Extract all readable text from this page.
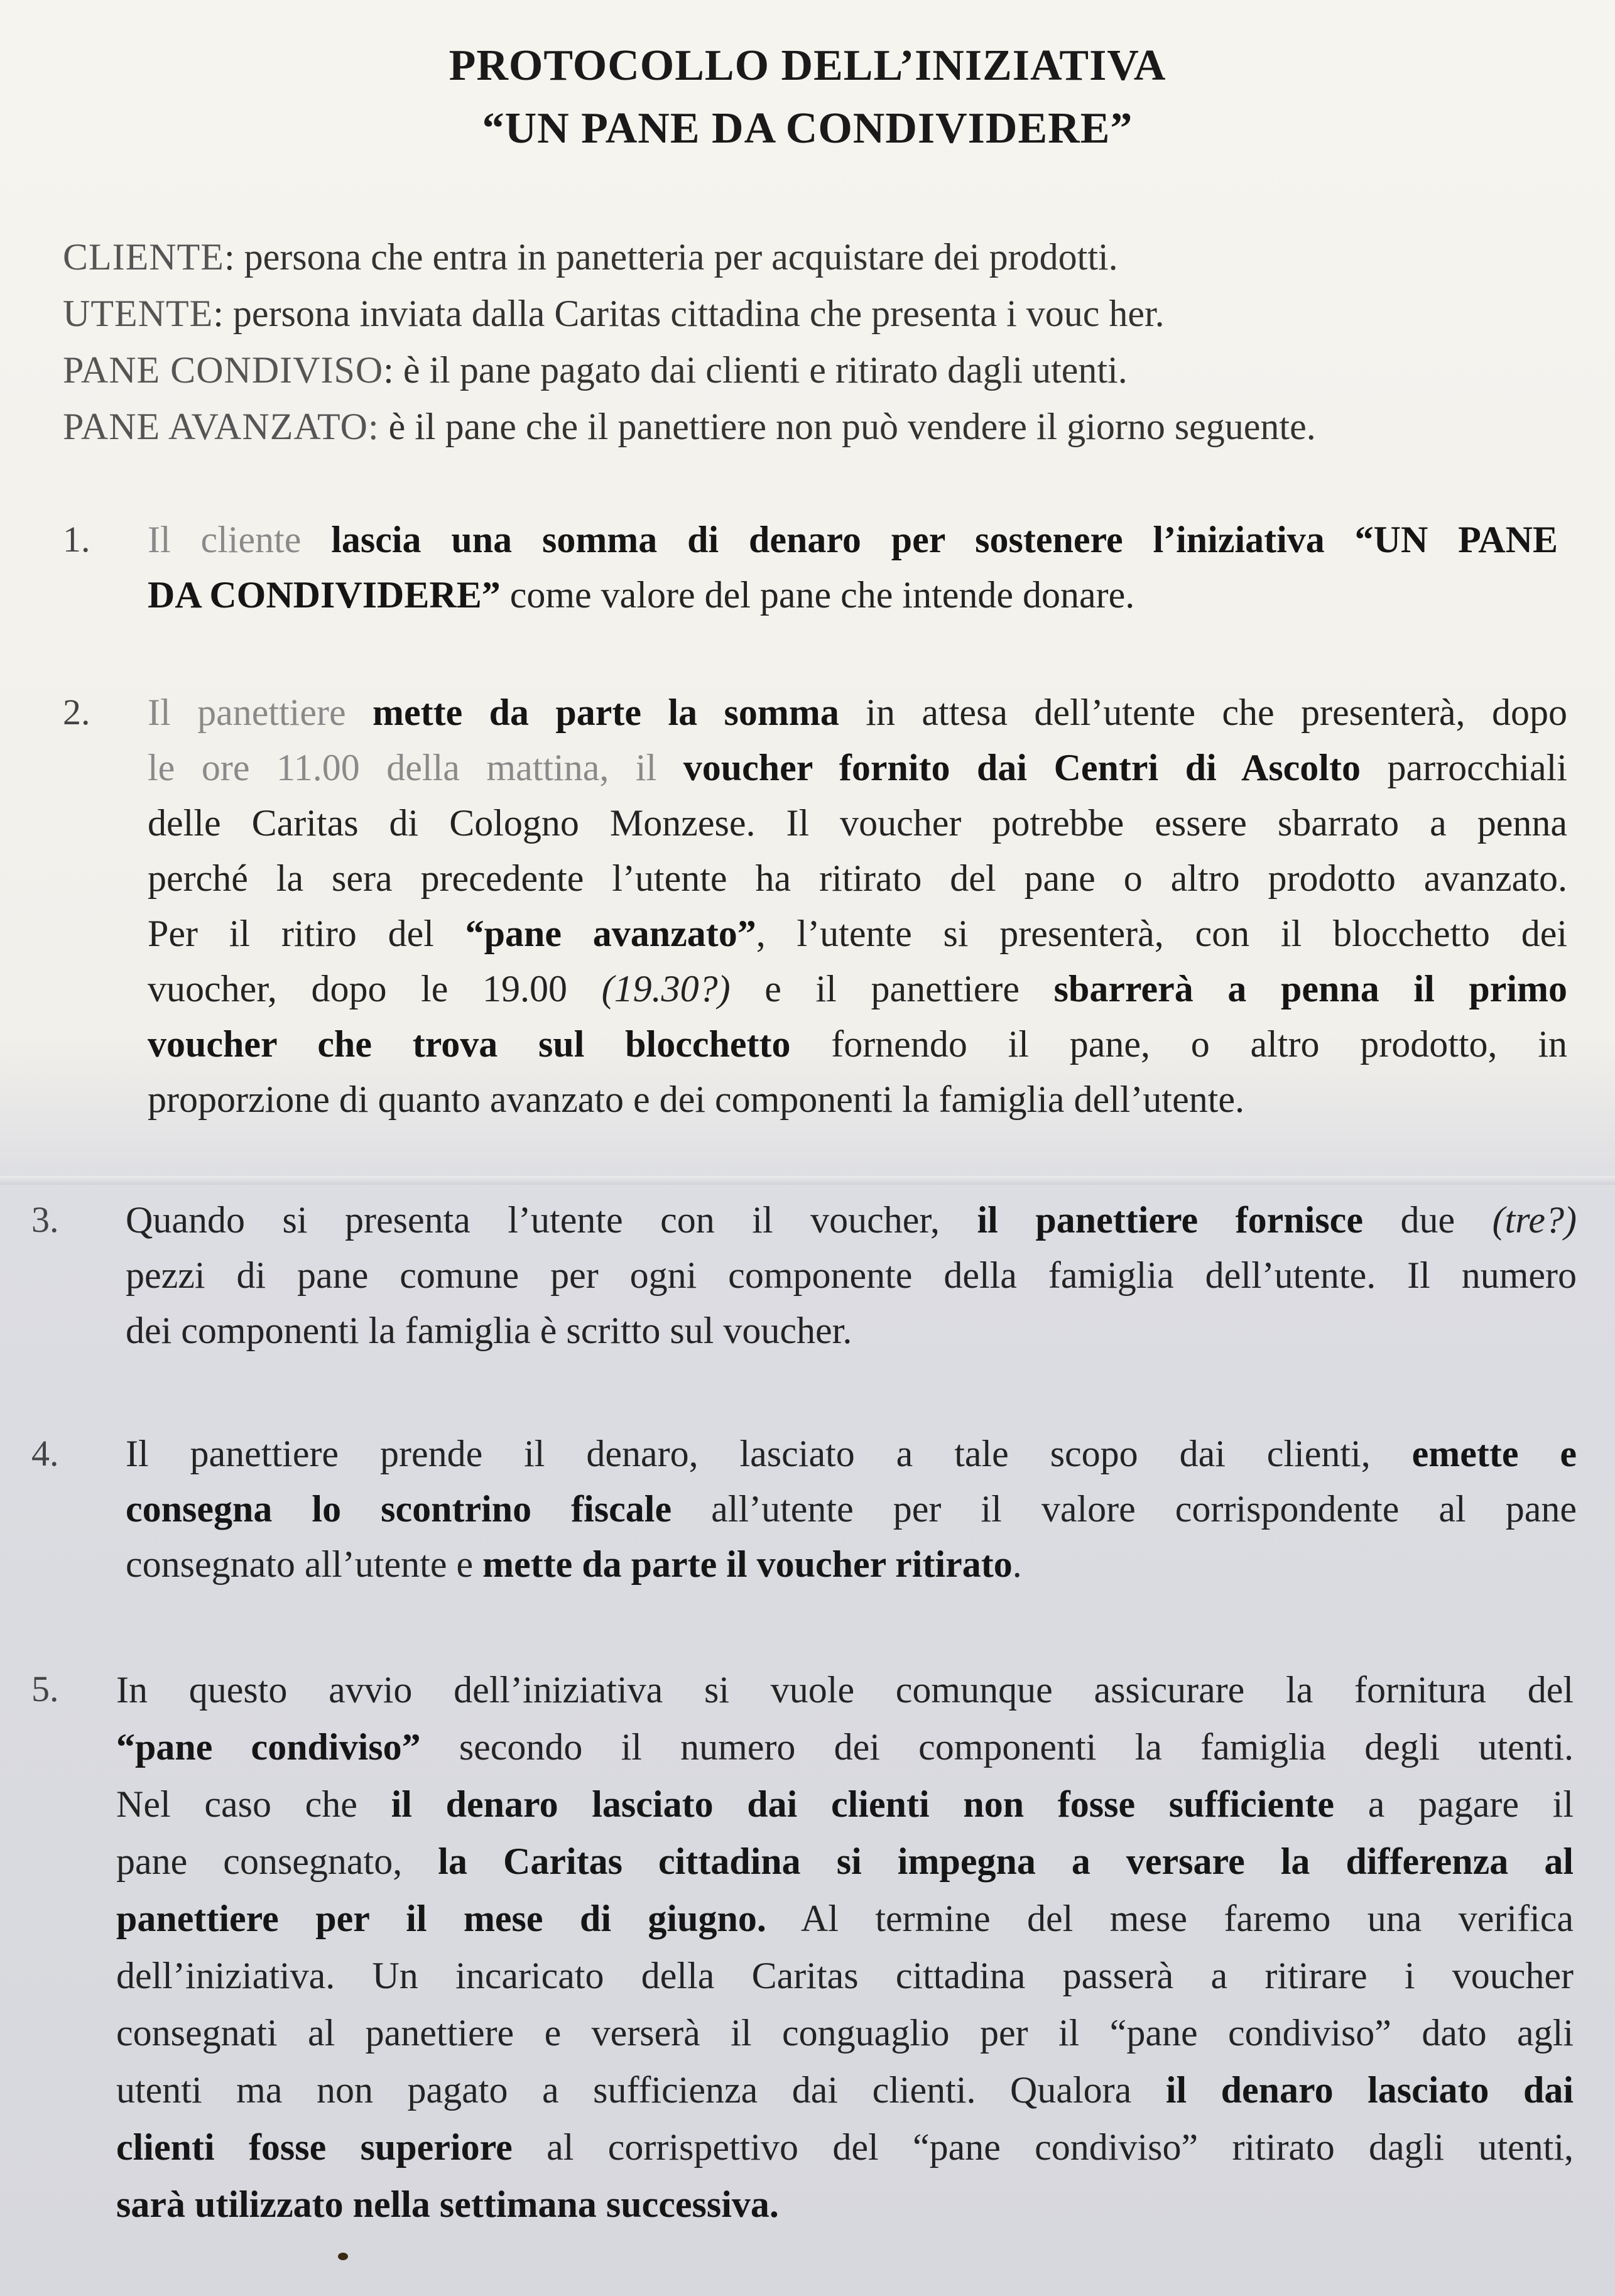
PROTOCOLLO DELL’INIZIATIVA
“UN PANE DA CONDIVIDERE”
CLIENTE: persona che entra in panetteria per acquistare dei prodotti.
UTENTE: persona inviata dalla Caritas cittadina che presenta i vouc her.
PANE CONDIVISO: è il pane pagato dai clienti e ritirato dagli utenti.
PANE AVANZATO: è il pane che il panettiere non può vendere il giorno seguente.
1. Il cliente lascia una somma di denaro per sostenere l’iniziativa “UN PANE
DA CONDIVIDERE” come valore del pane che intende donare.
2. Il panettiere mette da parte la somma in attesa dell’utente che presenterà, dopo
le ore 11.00 della mattina, il voucher fornito dai Centri di Ascolto parrocchiali
delle Caritas di Cologno Monzese. Il voucher potrebbe essere sbarrato a penna
perché la sera precedente l’utente ha ritirato del pane o altro prodotto avanzato.
Per il ritiro del “pane avanzato”, l’utente si presenterà, con il blocchetto dei
vuocher, dopo le 19.00 (19.30?) e il panettiere sbarrerà a penna il primo
voucher che trova sul blocchetto fornendo il pane, o altro prodotto, in
proporzione di quanto avanzato e dei componenti la famiglia dell’utente.
3. Quando si presenta l’utente con il voucher, il panettiere fornisce due (tre?)
pezzi di pane comune per ogni componente della famiglia dell’utente. Il numero
dei componenti la famiglia è scritto sul voucher.
4. Il panettiere prende il denaro, lasciato a tale scopo dai clienti, emette e
consegna lo scontrino fiscale all’utente per il valore corrispondente al pane
consegnato all’utente e mette da parte il voucher ritirato.
5. In questo avvio dell’iniziativa si vuole comunque assicurare la fornitura del
“pane condiviso” secondo il numero dei componenti la famiglia degli utenti.
Nel caso che il denaro lasciato dai clienti non fosse sufficiente a pagare il
pane consegnato, la Caritas cittadina si impegna a versare la differenza al
panettiere per il mese di giugno. Al termine del mese faremo una verifica
dell’iniziativa. Un incaricato della Caritas cittadina passerà a ritirare i voucher
consegnati al panettiere e verserà il conguaglio per il “pane condiviso” dato agli
utenti ma non pagato a sufficienza dai clienti. Qualora il denaro lasciato dai
clienti fosse superiore al corrispettivo del “pane condiviso” ritirato dagli utenti,
sarà utilizzato nella settimana successiva.
